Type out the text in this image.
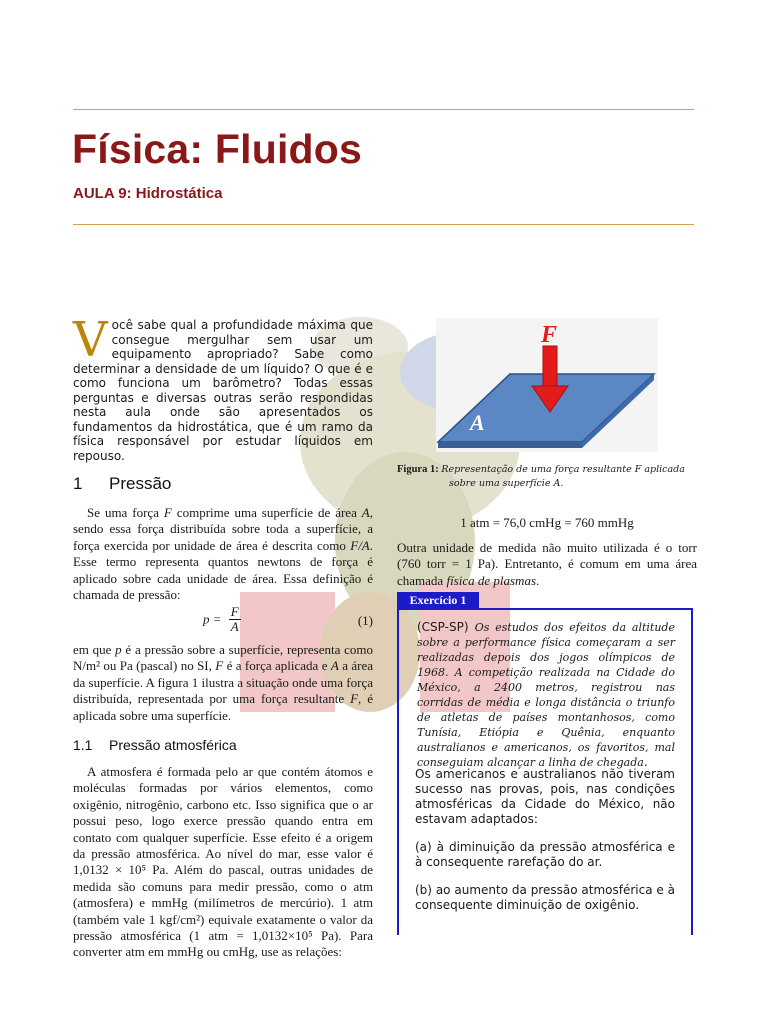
Física: Fluidos
AULA 9: Hidrostática
Você sabe qual a profundidade máxima que consegue mergulhar sem usar um equipamento apropriado? Sabe como determinar a densidade de um líquido? O que é e como funciona um barômetro? Todas essas perguntas e diversas outras serão respondidas nesta aula onde são apresentados os fundamentos da hidrostática, que é um ramo da física responsável por estudar líquidos em repouso.
1 Pressão

Se uma força F comprime uma superfície de área A, sendo essa força distribuída sobre toda a superfície, a força exercida por unidade de área é descrita como F/A. Esse termo representa quantos newtons de força é aplicado sobre cada unidade de área. Essa definição é chamada de pressão:

$p = \frac{F}{A}$	(1)

em que p é a pressão sobre a superfície, representa como N/m² ou Pa (pascal) no SI, F é a força aplicada e A a área da superfície. A figura 1 ilustra a situação onde uma força distribuída, representada por uma força resultante F, é aplicada sobre uma superfície.

1.1 Pressão atmosférica

A atmosfera é formada pelo ar que contém átomos e moléculas formadas por vários elementos, como oxigênio, nitrogênio, carbono etc. Isso significa que o ar possui peso, logo exerce pressão quando entra em contato com qualquer superfície. Esse efeito é a origem da pressão atmosférica. Ao nível do mar, esse valor é 1,0132 × 10⁵ Pa. Além do pascal, outras unidades de medida são comuns para medir pressão, como o atm (atmosfera) e mmHg (milímetros de mercúrio). 1 atm (também vale 1 kgf/cm²) equivale exatamente o valor da pressão atmosférica (1 atm = 1,0132×10⁵ Pa). Para converter atm em mmHg ou cmHg, use as relações:

F
A
Figura 1: Representação de uma força resultante F aplicada
sobre uma superfície A.
1 atm = 76,0 cmHg = 760 mmHg

Outra unidade de medida não muito utilizada é o torr (760 torr = 1 Pa). Entretanto, é comum em uma área chamada física de plasmas.

Exercício 1

(CSP-SP) Os estudos dos efeitos da altitude sobre a performance física começaram a ser realizadas depois dos jogos olímpicos de 1968. A competição realizada na Cidade do México, a 2400 metros, registrou nas corridas de média e longa distância o triunfo de atletas de países montanhosos, como Tunísia, Etiópia e Quênia, enquanto australianos e americanos, os favoritos, mal conseguiam alcançar a linha de chegada.

Os americanos e australianos não tiveram sucesso nas provas, pois, nas condições atmosféricas da Cidade do México, não estavam adaptados:

(a) à diminuição da pressão atmosférica e à consequente rarefação do ar.

(b) ao aumento da pressão atmosférica e à consequente diminuição de oxigênio.
